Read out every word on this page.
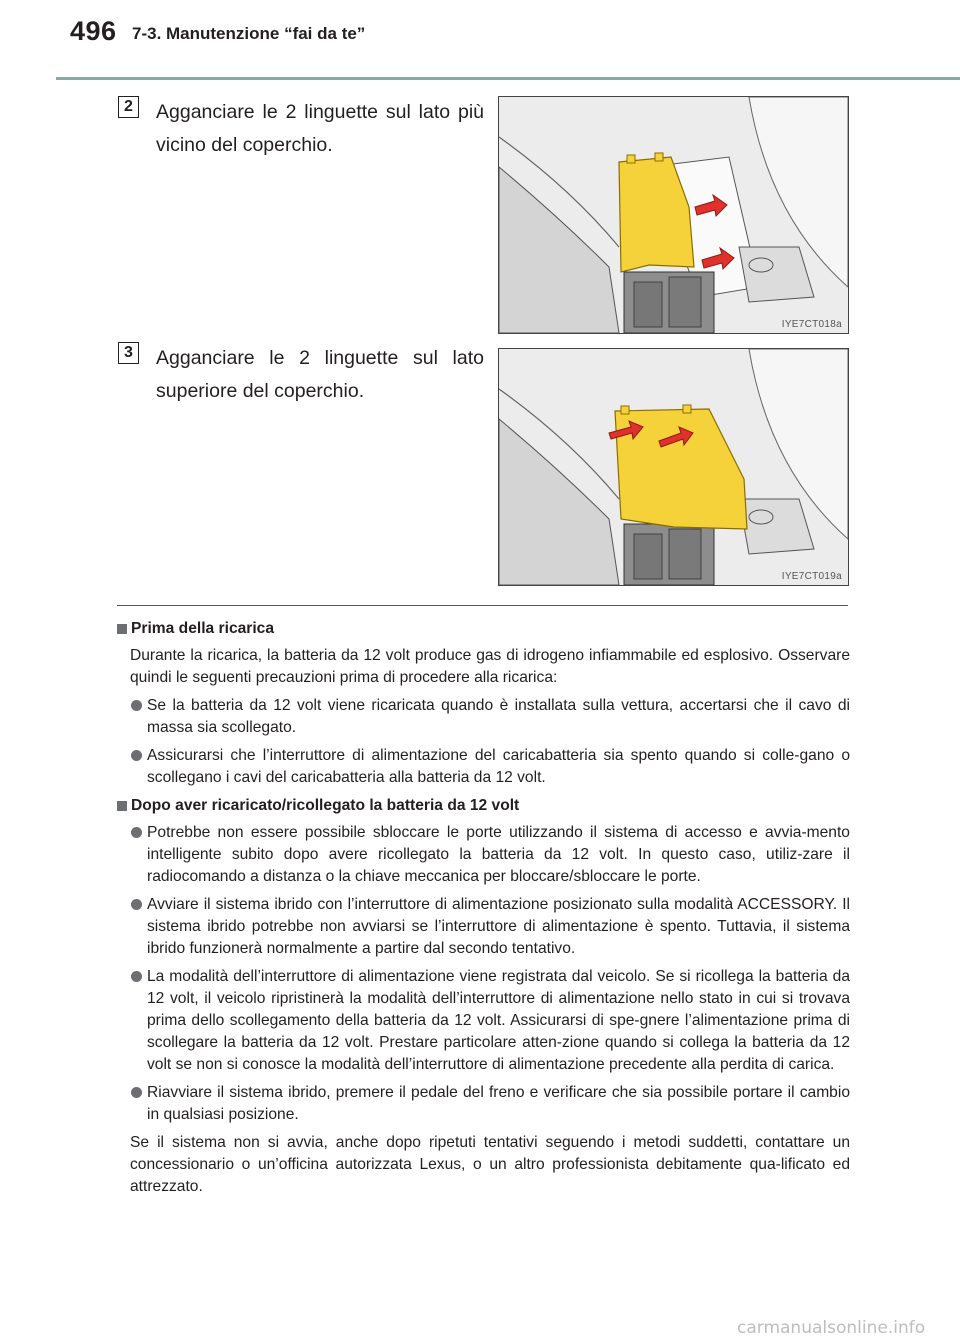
496 7-3. Manutenzione “fai da te”
2	Agganciare le 2 linguette sul lato più vicino del coperchio.
IYE7CT018a
3	Agganciare le 2 linguette sul lato superiore del coperchio.
IYE7CT019a
Prima della ricarica

Durante la ricarica, la batteria da 12 volt produce gas di idrogeno infiammabile ed esplosivo. Osservare quindi le seguenti precauzioni prima di procedere alla ricarica:

Se la batteria da 12 volt viene ricaricata quando è installata sulla vettura, accertarsi che il cavo di massa sia scollegato.
Assicurarsi che l’interruttore di alimentazione del caricabatteria sia spento quando si colle-gano o scollegano i cavi del caricabatteria alla batteria da 12 volt.
Dopo aver ricaricato/ricollegato la batteria da 12 volt
Potrebbe non essere possibile sbloccare le porte utilizzando il sistema di accesso e avvia-mento intelligente subito dopo avere ricollegato la batteria da 12 volt. In questo caso, utiliz-zare il radiocomando a distanza o la chiave meccanica per bloccare/sbloccare le porte.
Avviare il sistema ibrido con l’interruttore di alimentazione posizionato sulla modalità ACCESSORY. Il sistema ibrido potrebbe non avviarsi se l’interruttore di alimentazione è spento. Tuttavia, il sistema ibrido funzionerà normalmente a partire dal secondo tentativo.
La modalità dell’interruttore di alimentazione viene registrata dal veicolo. Se si ricollega la batteria da 12 volt, il veicolo ripristinerà la modalità dell’interruttore di alimentazione nello stato in cui si trovava prima dello scollegamento della batteria da 12 volt. Assicurarsi di spe-gnere l’alimentazione prima di scollegare la batteria da 12 volt. Prestare particolare atten-zione quando si collega la batteria da 12 volt se non si conosce la modalità dell’interruttore di alimentazione precedente alla perdita di carica.
Riavviare il sistema ibrido, premere il pedale del freno e verificare che sia possibile portare il cambio in qualsiasi posizione.

Se il sistema non si avvia, anche dopo ripetuti tentativi seguendo i metodi suddetti, contattare un concessionario o un’officina autorizzata Lexus, o un altro professionista debitamente qua-lificato ed attrezzato.

carmanualsonline.info
